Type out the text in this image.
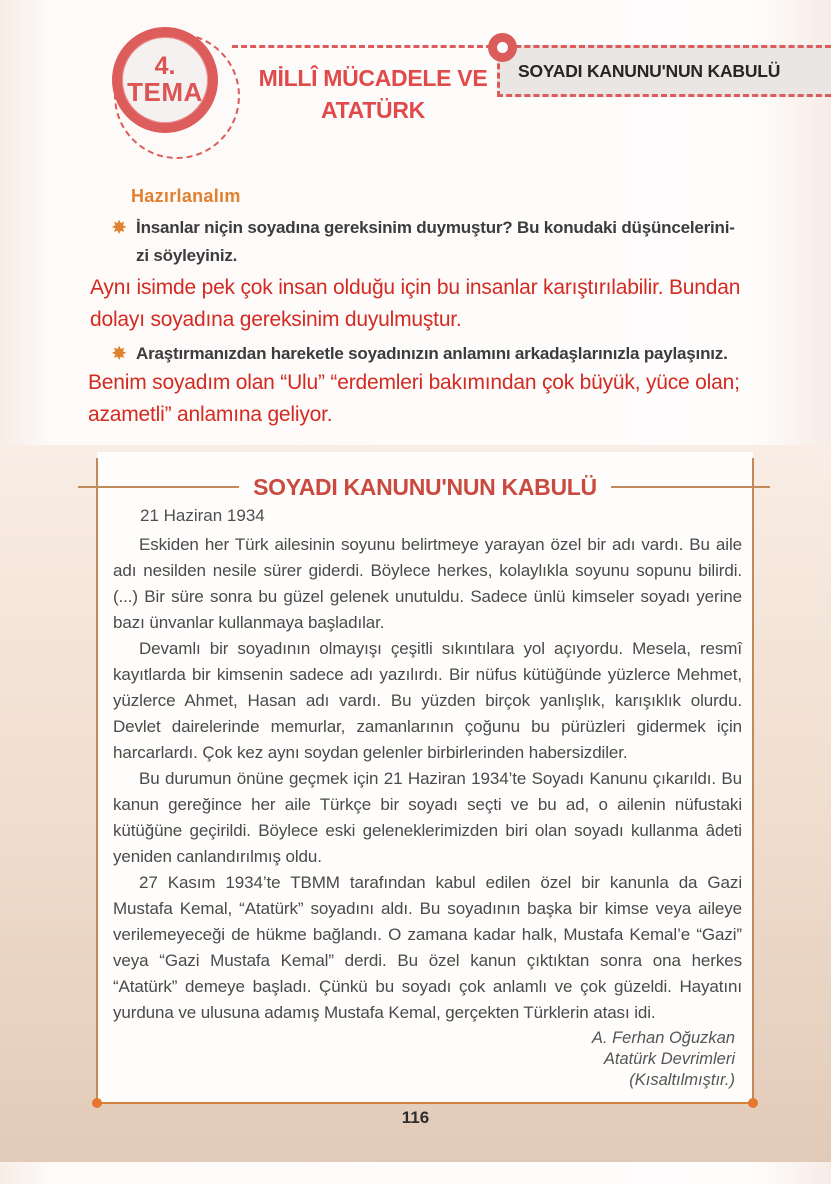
4.
TEMA MİLLÎ MÜCADELE VE ATATÜRK
SOYADI KANUNU'NUN KABULÜ
Hazırlanalım
✸ İnsanlar niçin soyadına gereksinim duymuştur? Bu konudaki düşüncelerini-
zi söyleyiniz.
Aynı isimde pek çok insan olduğu için bu insanlar karıştırılabilir. Bundan
dolayı soyadına gereksinim duyulmuştur.
✸ Araştırmanızdan hareketle soyadınızın anlamını arkadaşlarınızla paylaşınız.
Benim soyadım olan “Ulu” “erdemleri bakımından çok büyük, yüce olan;
azametli” anlamına geliyor.
SOYADI KANUNU'NUN KABULÜ
21 Haziran 1934

Eskiden her Türk ailesinin soyunu belirtmeye yarayan özel bir adı vardı. Bu aile adı nesilden nesile sürer giderdi. Böylece herkes, kolaylıkla soyunu sopunu bilirdi. (...) Bir süre sonra bu güzel gelenek unutuldu. Sadece ünlü kimseler soyadı yerine bazı ünvanlar kullanmaya başladılar.

Devamlı bir soyadının olmayışı çeşitli sıkıntılara yol açıyordu. Mesela, resmî kayıtlarda bir kimsenin sadece adı yazılırdı. Bir nüfus kütüğünde yüzlerce Mehmet, yüzlerce Ahmet, Hasan adı vardı. Bu yüzden birçok yanlışlık, karışıklık olurdu. Devlet dairelerinde memurlar, zamanlarının çoğunu bu pürüzleri gidermek için harcarlardı. Çok kez aynı soydan gelenler birbirlerinden habersizdiler.

Bu durumun önüne geçmek için 21 Haziran 1934’te Soyadı Kanunu çıkarıldı. Bu kanun gereğince her aile Türkçe bir soyadı seçti ve bu ad, o ailenin nüfustaki kütüğüne geçirildi. Böylece eski geleneklerimizden biri olan soyadı kullanma âdeti yeniden canlandırılmış oldu.

27 Kasım 1934’te TBMM tarafından kabul edilen özel bir kanunla da Gazi Mustafa Kemal, “Atatürk” soyadını aldı. Bu soyadının başka bir kimse veya aileye verilemeyeceği de hükme bağlandı. O zamana kadar halk, Mustafa Kemal’e “Gazi” veya “Gazi Mustafa Kemal” derdi. Bu özel kanun çıktıktan sonra ona herkes “Atatürk” demeye başladı. Çünkü bu soyadı çok anlamlı ve çok güzeldi. Hayatını yurduna ve ulusuna adamış Mustafa Kemal, gerçekten Türklerin atası idi.

A. Ferhan Oğuzkan
Atatürk Devrimleri
(Kısaltılmıştır.)
116
